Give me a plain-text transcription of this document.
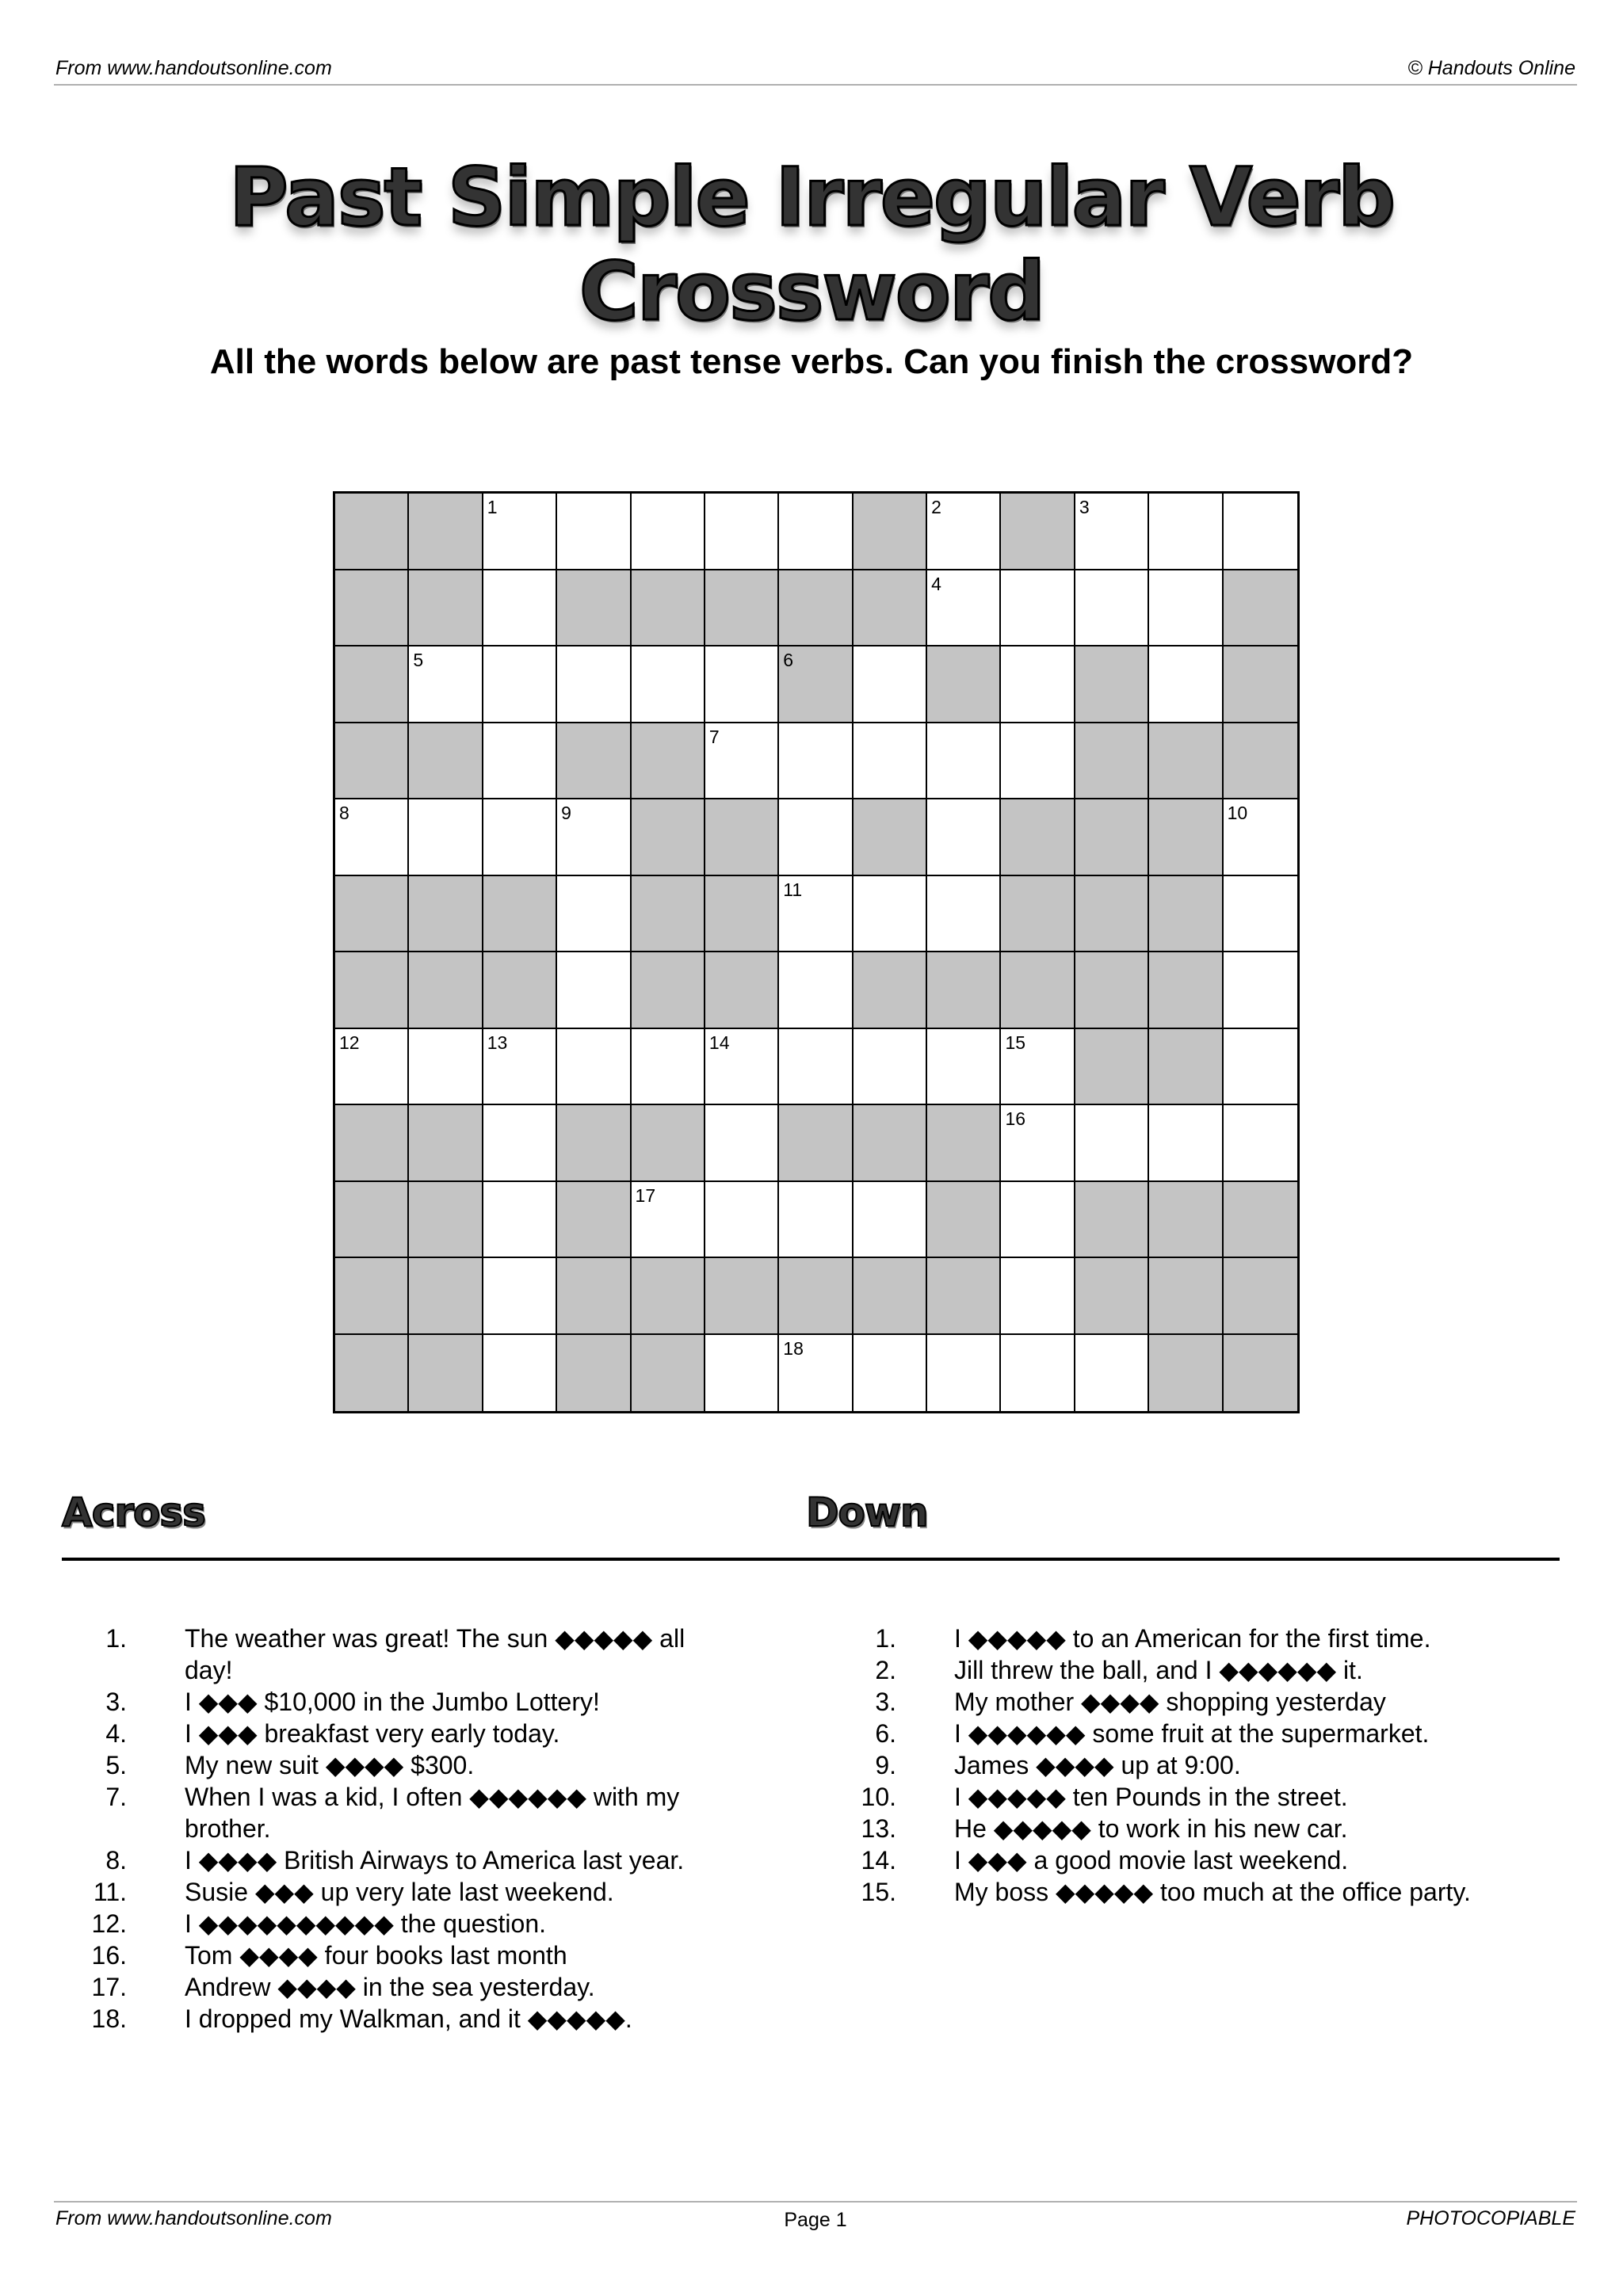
From www.handoutsonline.com	© Handouts Online
Past Simple Irregular Verb Crossword
All the words below are past tense verbs. Can you finish the crossword?
1	2	3
4
5	6
7
8	9	10
11
12	13	14	15
16
17
18
Across	Down
1. The weather was great! The sun ◆◆◆◆◆ all day!
3. I ◆◆◆ $10,000 in the Jumbo Lottery!
4. I ◆◆◆ breakfast very early today.
5. My new suit ◆◆◆◆ $300.
7. When I was a kid, I often ◆◆◆◆◆◆ with my brother.
8. I ◆◆◆◆ British Airways to America last year.
11. Susie ◆◆◆ up very late last weekend.
12. I ◆◆◆◆◆◆◆◆◆◆ the question.
16. Tom ◆◆◆◆ four books last month
17. Andrew ◆◆◆◆ in the sea yesterday.
18. I dropped my Walkman, and it ◆◆◆◆◆.
1. I ◆◆◆◆◆ to an American for the first time.
2. Jill threw the ball, and I ◆◆◆◆◆◆ it.
3. My mother ◆◆◆◆ shopping yesterday
6. I ◆◆◆◆◆◆ some fruit at the supermarket.
9. James ◆◆◆◆ up at 9:00.
10. I ◆◆◆◆◆ ten Pounds in the street.
13. He ◆◆◆◆◆ to work in his new car.
14. I ◆◆◆ a good movie last weekend.
15. My boss ◆◆◆◆◆ too much at the office party.
From www.handoutsonline.com	Page 1	PHOTOCOPIABLE
